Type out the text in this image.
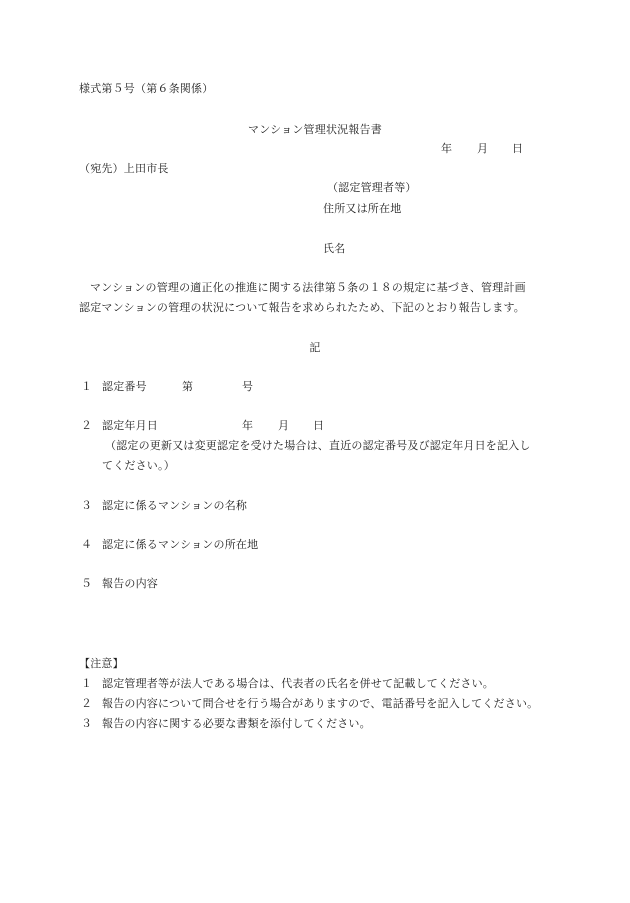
様式第５号（第６条関係）
マンション管理状況報告書
年 月 日
（宛先）上田市長
（認定管理者等）
住所又は所在地
氏名
マンションの管理の適正化の推進に関する法律第５条の１８の規定に基づき、管理計画
認定マンションの管理の状況について報告を求められたため、下記のとおり報告します。
記
１ 認定番号	第	号
２ 認定年月日	年 月 日
（認定の更新又は変更認定を受けた場合は、直近の認定番号及び認定年月日を記入し
てください。）
３ 認定に係るマンションの名称
４ 認定に係るマンションの所在地
５ 報告の内容
【注意】
１ 認定管理者等が法人である場合は、代表者の氏名を併せて記載してください。
２ 報告の内容について問合せを行う場合がありますので、電話番号を記入してください。
３ 報告の内容に関する必要な書類を添付してください。
